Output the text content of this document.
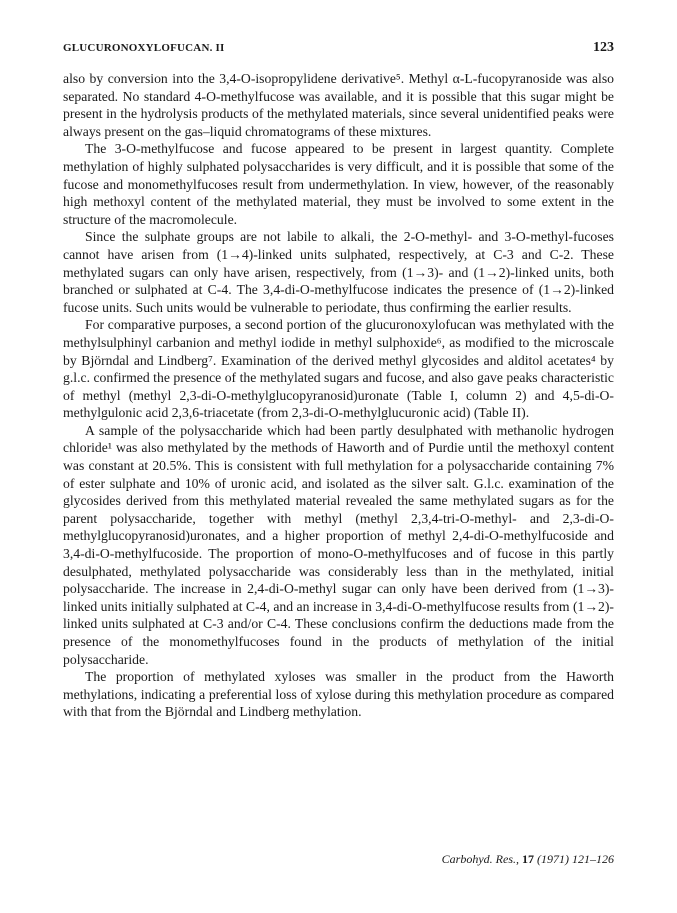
GLUCURONOXYLOFUCAN. II	123

also by conversion into the 3,4-O-isopropylidene derivative⁵. Methyl α-L-fucopyranoside was also separated. No standard 4-O-methylfucose was available, and it is possible that this sugar might be present in the hydrolysis products of the methylated materials, since several unidentified peaks were always present on the gas–liquid chromatograms of these mixtures.

The 3-O-methylfucose and fucose appeared to be present in largest quantity. Complete methylation of highly sulphated polysaccharides is very difficult, and it is possible that some of the fucose and monomethylfucoses result from undermethylation. In view, however, of the reasonably high methoxyl content of the methylated material, they must be involved to some extent in the structure of the macromolecule.

Since the sulphate groups are not labile to alkali, the 2-O-methyl- and 3-O-methyl-fucoses cannot have arisen from (1→4)-linked units sulphated, respectively, at C-3 and C-2. These methylated sugars can only have arisen, respectively, from (1→3)- and (1→2)-linked units, both branched or sulphated at C-4. The 3,4-di-O-methylfucose indicates the presence of (1→2)-linked fucose units. Such units would be vulnerable to periodate, thus confirming the earlier results.

For comparative purposes, a second portion of the glucuronoxylofucan was methylated with the methylsulphinyl carbanion and methyl iodide in methyl sulphoxide⁶, as modified to the microscale by Björndal and Lindberg⁷. Examination of the derived methyl glycosides and alditol acetates⁴ by g.l.c. confirmed the presence of the methylated sugars and fucose, and also gave peaks characteristic of methyl (methyl 2,3-di-O-methylglucopyranosid)uronate (Table I, column 2) and 4,5-di-O-methylgulonic acid 2,3,6-triacetate (from 2,3-di-O-methylglucuronic acid) (Table II).

A sample of the polysaccharide which had been partly desulphated with methanolic hydrogen chloride¹ was also methylated by the methods of Haworth and of Purdie until the methoxyl content was constant at 20.5%. This is consistent with full methylation for a polysaccharide containing 7% of ester sulphate and 10% of uronic acid, and isolated as the silver salt. G.l.c. examination of the glycosides derived from this methylated material revealed the same methylated sugars as for the parent polysaccharide, together with methyl (methyl 2,3,4-tri-O-methyl- and 2,3-di-O-methylglucopyranosid)uronates, and a higher proportion of methyl 2,4-di-O-methylfucoside and 3,4-di-O-methylfucoside. The proportion of mono-O-methylfucoses and of fucose in this partly desulphated, methylated polysaccharide was considerably less than in the methylated, initial polysaccharide. The increase in 2,4-di-O-methyl sugar can only have been derived from (1→3)-linked units initially sulphated at C-4, and an increase in 3,4-di-O-methylfucose results from (1→2)-linked units sulphated at C-3 and/or C-4. These conclusions confirm the deductions made from the presence of the monomethylfucoses found in the products of methylation of the initial polysaccharide.

The proportion of methylated xyloses was smaller in the product from the Haworth methylations, indicating a preferential loss of xylose during this methylation procedure as compared with that from the Björndal and Lindberg methylation.

Carbohyd. Res., 17 (1971) 121–126
